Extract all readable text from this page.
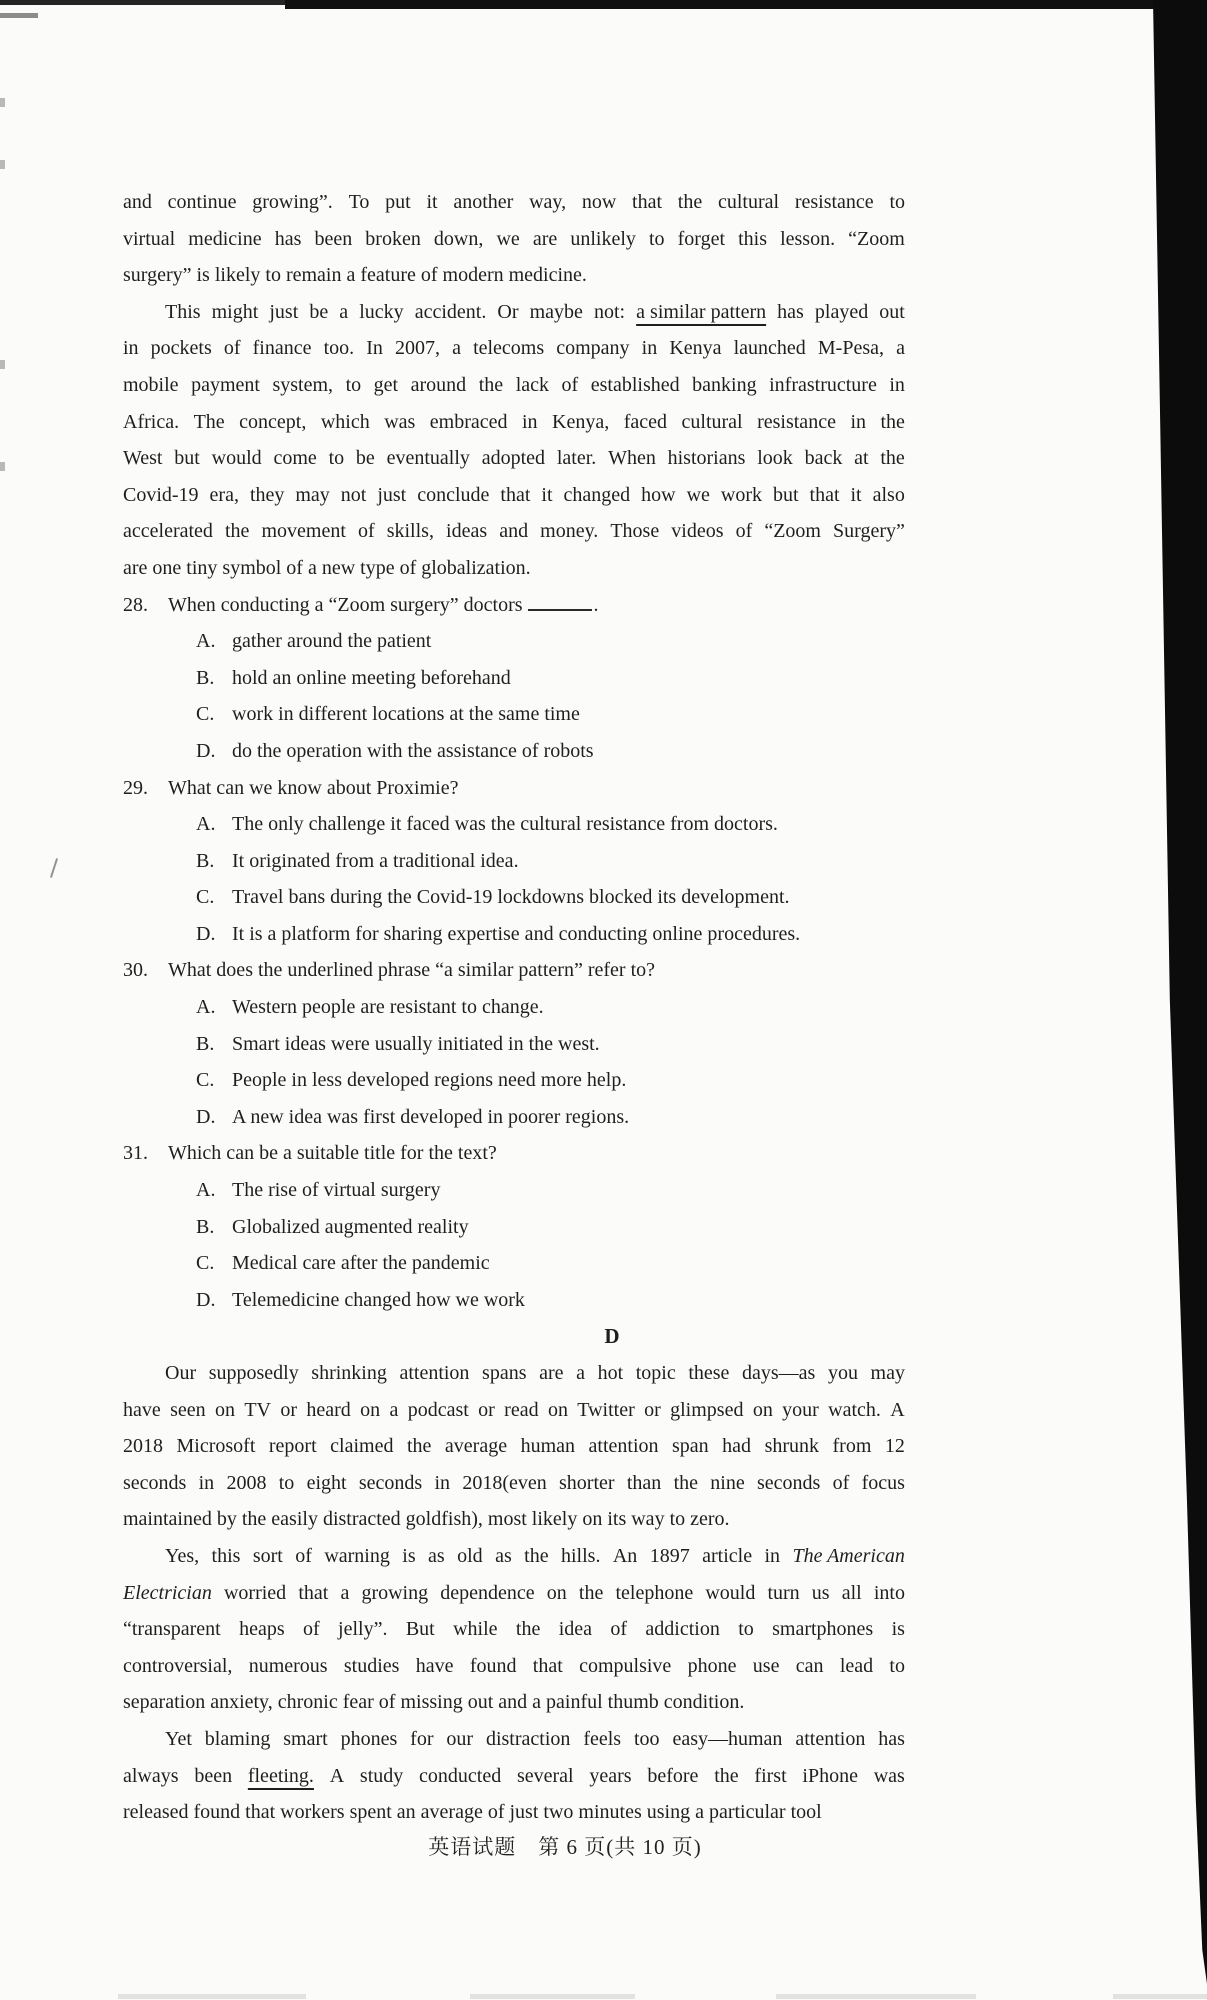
and continue growing”. To put it another way, now that the cultural resistance to
virtual medicine has been broken down, we are unlikely to forget this lesson. “Zoom
surgery” is likely to remain a feature of modern medicine.
This might just be a lucky accident. Or maybe not: a similar pattern has played out
in pockets of finance too. In 2007, a telecoms company in Kenya launched M-Pesa, a
mobile payment system, to get around the lack of established banking infrastructure in
Africa. The concept, which was embraced in Kenya, faced cultural resistance in the
West but would come to be eventually adopted later. When historians look back at the
Covid-19 era, they may not just conclude that it changed how we work but that it also
accelerated the movement of skills, ideas and money. Those videos of “Zoom Surgery”
are one tiny symbol of a new type of globalization.
28. When conducting a “Zoom surgery” doctors	.
A. gather around the patient
B. hold an online meeting beforehand
C. work in different locations at the same time
D. do the operation with the assistance of robots
29. What can we know about Proximie?
A. The only challenge it faced was the cultural resistance from doctors.
B. It originated from a traditional idea.
C. Travel bans during the Covid-19 lockdowns blocked its development.
D. It is a platform for sharing expertise and conducting online procedures.
30. What does the underlined phrase “a similar pattern” refer to?
A. Western people are resistant to change.
B. Smart ideas were usually initiated in the west.
C. People in less developed regions need more help.
D. A new idea was first developed in poorer regions.
31. Which can be a suitable title for the text?
A. The rise of virtual surgery
B. Globalized augmented reality
C. Medical care after the pandemic
D. Telemedicine changed how we work
D
Our supposedly shrinking attention spans are a hot topic these days—as you may
have seen on TV or heard on a podcast or read on Twitter or glimpsed on your watch. A
2018 Microsoft report claimed the average human attention span had shrunk from 12
seconds in 2008 to eight seconds in 2018(even shorter than the nine seconds of focus
maintained by the easily distracted goldfish), most likely on its way to zero.
Yes, this sort of warning is as old as the hills. An 1897 article in The American
Electrician worried that a growing dependence on the telephone would turn us all into
“transparent heaps of jelly”. But while the idea of addiction to smartphones is
controversial, numerous studies have found that compulsive phone use can lead to
separation anxiety, chronic fear of missing out and a painful thumb condition.
Yet blaming smart phones for our distraction feels too easy—human attention has
always been fleeting. A study conducted several years before the first iPhone was
released found that workers spent an average of just two minutes using a particular tool
英语试题　第 6 页(共 10 页)
